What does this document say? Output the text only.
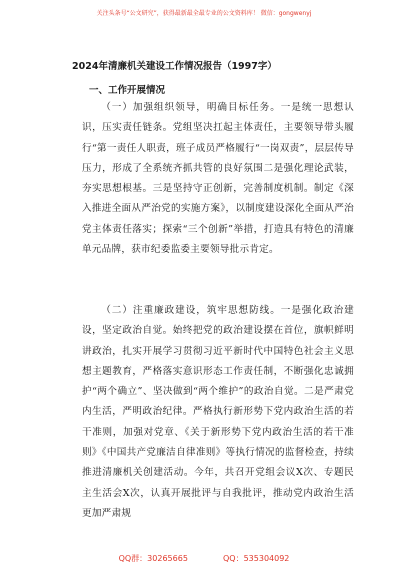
关注头条号“公文研究”，获得最新最全最专业的公文资料库！ 微信：gongwenyj
2024年清廉机关建设工作情况报告（1997字）
一、工作开展情况

（一）加强组织领导，明确目标任务。一是统一思想认识，压实责任链条。党组坚决扛起主体责任，主要领导带头履行“第一责任人职责，班子成员严格履行“一岗双责”，层层传导压力，形成了全系统齐抓共管的良好氛围二是强化理论武装，夯实思想根基。三是坚持守正创新，完善制度机制。制定《深入推进全面从严治党的实施方案》，以制度建设深化全面从严治党主体责任落实；探索“三个创新”举措，打造具有特色的清廉单元品牌，获市纪委监委主要领导批示肯定。

（二）注重廉政建设，筑牢思想防线。一是强化政治建设，坚定政治自觉。始终把党的政治建设摆在首位，旗帜鲜明讲政治，扎实开展学习贯彻习近平新时代中国特色社会主义思想主题教育，严格落实意识形态工作责任制，不断强化忠诚拥护“两个确立”、坚决做到“两个维护”的政治自觉。二是严肃党内生活，严明政治纪律。严格执行新形势下党内政治生活的若干准则，加强对党章、《关于新形势下党内政治生活的若干准则》《中国共产党廉洁自律准则》等执行情况的监督检查，持续推进清廉机关创建活动。今年，共召开党组会议X次、专题民主生活会X次，认真开展批评与自我批评，推动党内政治生活更加严肃规

QQ群：30265665	QQ：535304092
